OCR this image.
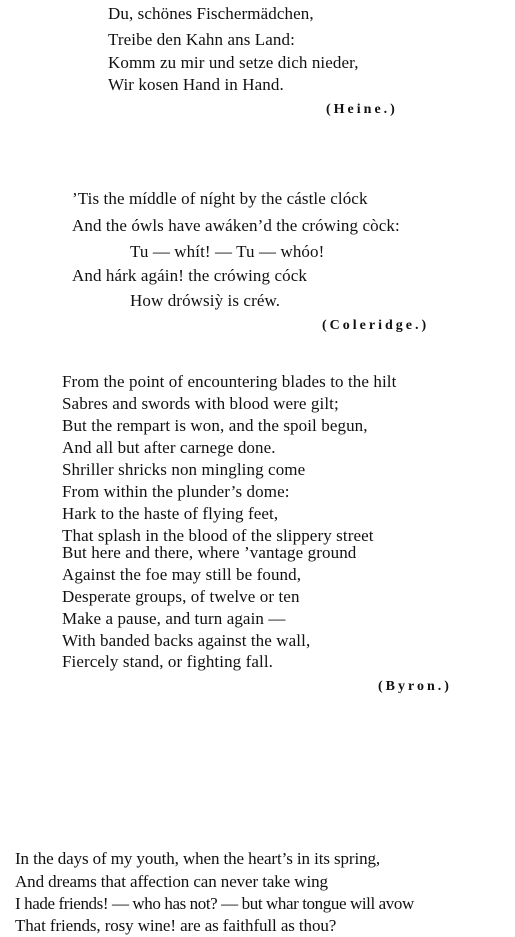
Du, schönes Fischermädchen,
Treibe den Kahn ans Land:
Komm zu mir und setze dich nieder,
Wir kosen Hand in Hand.
(Heine.)
’Tis the míddle of níght by the cástle clóck
And the ówls have awáken’d the crówing còck:
Tu — whít! — Tu — whóo!
And hárk agáin! the crówing cóck
How drówsiỳ is créw.
(Coleridge.)
From the point of encountering blades to the hilt
Sabres and swords with blood were gilt;
But the rempart is won, and the spoil begun,
And all but after carnege done.
Shriller shricks non mingling come
From within the plunder’s dome:
Hark to the haste of flying feet,
That splash in the blood of the slippery street
But here and there, where ’vantage ground
Against the foe may still be found,
Desperate groups, of twelve or ten
Make a pause, and turn again —
With banded backs against the wall,
Fiercely stand, or fighting fall.
(Byron.)
In the days of my youth, when the heart’s in its spring,
And dreams that affection can never take wing
I hade friends! — who has not? — but whar tongue will avow
That friends, rosy wine! are as faithfull as thou?
